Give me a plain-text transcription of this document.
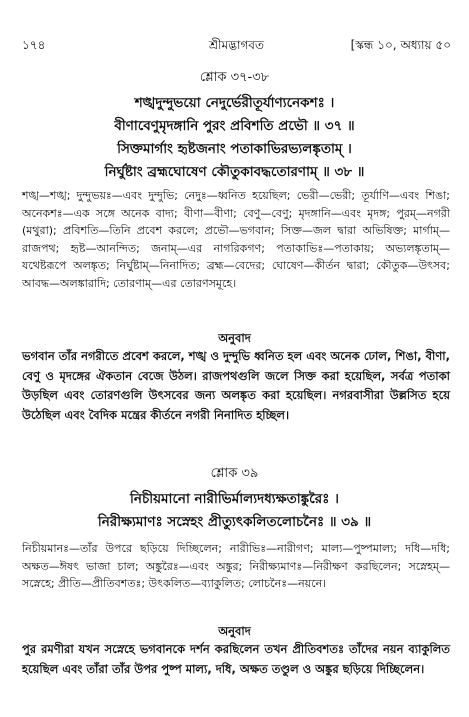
১৭৪	শ্রীমদ্ভাগবত	[স্কন্ধ ১০, অধ্যায় ৫০
শ্লোক ৩৭-৩৮
শঙ্খদুন্দুভয়ো নেদুর্ভেরীতূর্যাণ্যনেকশঃ ।
বীণাবেণুমৃদঙ্গানি পুরং প্রবিশতি প্রভৌ ॥ ৩৭ ॥
সিক্তমার্গাং হৃষ্টজনাং পতাকাভিরভ্যলঙ্কৃতাম্ ।
নির্ঘুষ্টাং ব্রহ্মঘোষেণ কৌতুকাবদ্ধতোরণাম্ ॥ ৩৮ ॥

শঙ্খ—শঙ্খ; দুন্দুভয়ঃ—এবং দুন্দুভি; নেদুঃ—ধ্বনিত হয়েছিল; ভেরী—ভেরী; তূর্যাণি—এবং শিঙা; অনেকশঃ—এক সঙ্গে অনেক বাদ্য; বীণা—বীণা; বেণু—বেণু; মৃদঙ্গানি—এবং মৃদঙ্গ; পুরম্—নগরী (মথুরা); প্রবিশতি—তিনি প্রবেশ করলে; প্রভৌ—ভগবান; সিক্ত—জল দ্বারা অভিষিক্ত; মার্গাম্—রাজপথ; হৃষ্ট—আনন্দিত; জনাম্—এর নাগরিকগণ; পতাকাভিঃ—পতাকায়; অভ্যলঙ্কৃতাম্—যথেষ্টরূপে অলঙ্কৃত; নির্ঘুষ্টাম্—নিনাদিত; ব্রহ্ম—বেদের; ঘোষেণ—কীর্তন দ্বারা; কৌতুক—উৎসব; আবদ্ধ—অলঙ্কারাদি; তোরণাম্—এর তোরণসমূহে।

অনুবাদ

ভগবান তাঁর নগরীতে প্রবেশ করলে, শঙ্খ ও দুন্দুভি ধ্বনিত হল এবং অনেক ঢোল, শিঙা, বীণা, বেণু ও মৃদঙ্গের ঐকতান বেজে উঠল। রাজপথগুলি জলে সিক্ত করা হয়েছিল, সর্বত্র পতাকা উড়ছিল এবং তোরণগুলি উৎসবের জন্য অলঙ্কৃত করা হয়েছিল। নগরবাসীরা উল্লসিত হয়ে উঠেছিল এবং বৈদিক মন্ত্রের কীর্তনে নগরী নিনাদিত হচ্ছিল।

শ্লোক ৩৯
নিচীয়মানো নারীভির্মাল্যদধ্যক্ষতাঙ্কুরৈঃ ।
নিরীক্ষ্যমাণঃ সস্নেহং প্রীত্যুৎকলিতলোচনৈঃ ॥ ৩৯ ॥

নিচীয়মানঃ—তাঁর উপরে ছড়িয়ে দিচ্ছিলেন; নারীভিঃ—নারীগণ; মাল্য—পুষ্পমাল্য; দধি—দধি; অক্ষত—ঈষৎ ভাজা চাল; অঙ্কুরৈঃ—এবং অঙ্কুর; নিরীক্ষ্যমাণঃ—নিরীক্ষণ করছিলেন; সস্নেহম্—সস্নেহে; প্রীতি—প্রীতিবশতঃ; উৎকলিত—ব্যাকুলিত; লোচনৈঃ—নয়নে।

অনুবাদ

পুর রমণীরা যখন সস্নেহে ভগবানকে দর্শন করছিলেন তখন প্রীতিবশতঃ তাঁদের নয়ন ব্যাকুলিত হয়েছিল এবং তাঁরা তাঁর উপর পুষ্প মাল্য, দধি, অক্ষত তণ্ডুল ও অঙ্কুর ছড়িয়ে দিচ্ছিলেন।
